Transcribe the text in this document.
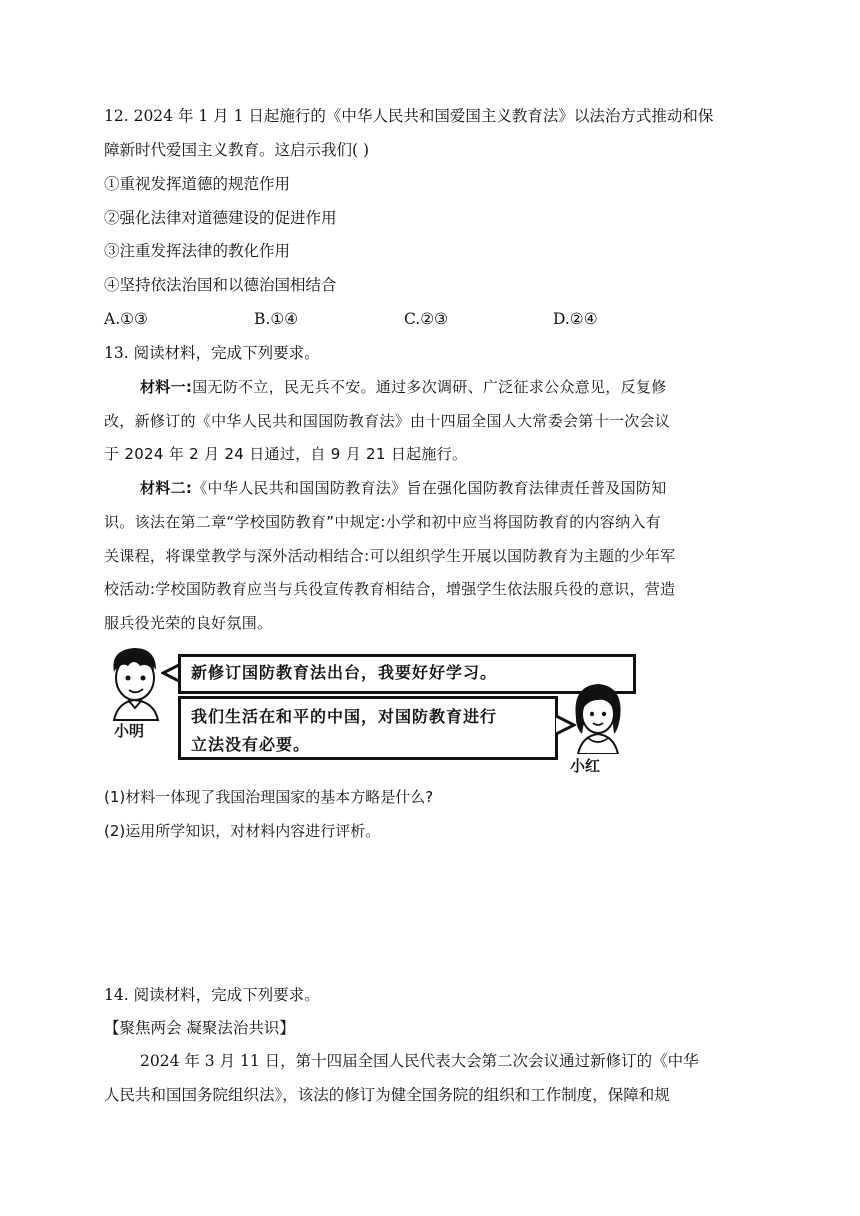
12. 2024 年 1 月 1 日起施行的《中华人民共和国爱国主义教育法》以法治方式推动和保
障新时代爱国主义教育。这启示我们( )
①重视发挥道德的规范作用
②强化法律对道德建设的促进作用
③注重发挥法律的教化作用
④坚持依法治国和以德治国相结合
A.①③	B.①④	C.②③	D.②④
13. 阅读材料，完成下列要求。
材料一:国无防不立，民无兵不安。通过多次调研、广泛征求公众意见，反复修
改，新修订的《中华人民共和国国防教育法》由十四届全国人大常委会第十一次会议
于 2024 年 2 月 24 日通过，自 9 月 21 日起施行。
材料二:《中华人民共和国国防教育法》旨在强化国防教育法律责任普及国防知
识。该法在第二章“学校国防教育”中规定:小学和初中应当将国防教育的内容纳入有
关课程，将课堂教学与深外活动相结合:可以组织学生开展以国防教育为主题的少年军
校活动:学校国防教育应当与兵役宣传教育相结合，增强学生依法服兵役的意识，营造
服兵役光荣的良好氛围。
小明
新修订国防教育法出台，我要好好学习。
我们生活在和平的中国，对国防教育进行
立法没有必要。
小红
(1)材料一体现了我国治理国家的基本方略是什么?
(2)运用所学知识，对材料内容进行评析。
14. 阅读材料，完成下列要求。
【聚焦两会 凝聚法治共识】
2024 年 3 月 11 日，第十四届全国人民代表大会第二次会议通过新修订的《中华
人民共和国国务院组织法》，该法的修订为健全国务院的组织和工作制度，保障和规
